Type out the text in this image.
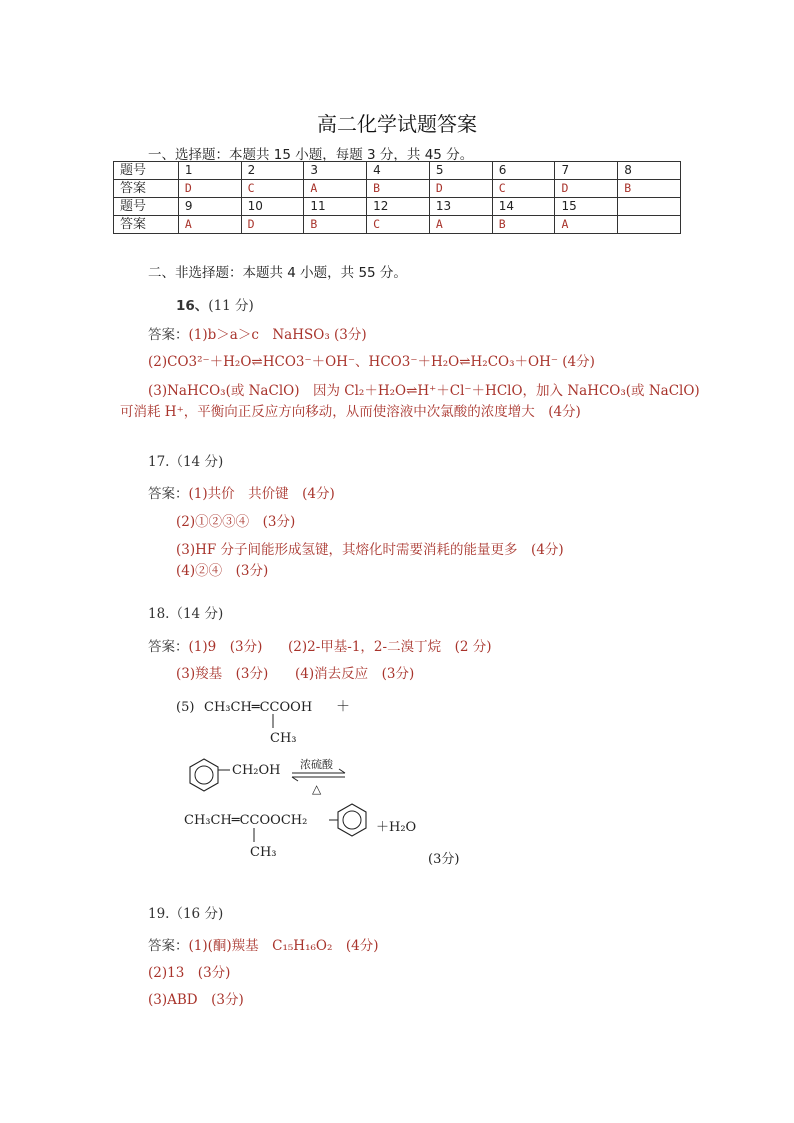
高二化学试题答案
一、选择题：本题共 15 小题，每题 3 分，共 45 分。
题号	1	2	3	4	5	6	7	8
答案	D	C	A	B	D	C	D	B
题号	9	10	11	12	13	14	15	
答案	A	D	B	C	A	B	A	
二、非选择题：本题共 4 小题，共 55 分。
16、(11 分)
答案：(1)b＞a＞c　NaHSO₃ (3分)
(2)CO3²⁻＋H₂O⇌HCO3⁻＋OH⁻、HCO3⁻＋H₂O⇌H₂CO₃＋OH⁻ (4分)
(3)NaHCO₃(或 NaClO)　因为 Cl₂＋H₂O⇌H⁺＋Cl⁻＋HClO，加入 NaHCO₃(或 NaClO)
可消耗 H⁺，平衡向正反应方向移动，从而使溶液中次氯酸的浓度增大　(4分)
17.（14 分)
答案：(1)共价　共价键　(4分)
(2)①②③④　(3分)
(3)HF 分子间能形成氢键，其熔化时需要消耗的能量更多　(4分)
(4)②④　(3分)
18.（14 分)
答案：(1)9　(3分) (2)2-甲基-1，2-二溴丁烷　(2 分)
(3)羧基　(3分) (4)消去反应　(3分)
(5) CH₃CH═CCOOH ＋
CH₃
CH₂OH 浓硫酸
△
CH₃CH═CCOOCH₂	＋H₂O
CH₃	(3分)
19.（16 分)
答案：(1)(酮)羰基　C₁₅H₁₆O₂　(4分)
(2)13　(3分)
(3)ABD　(3分)
